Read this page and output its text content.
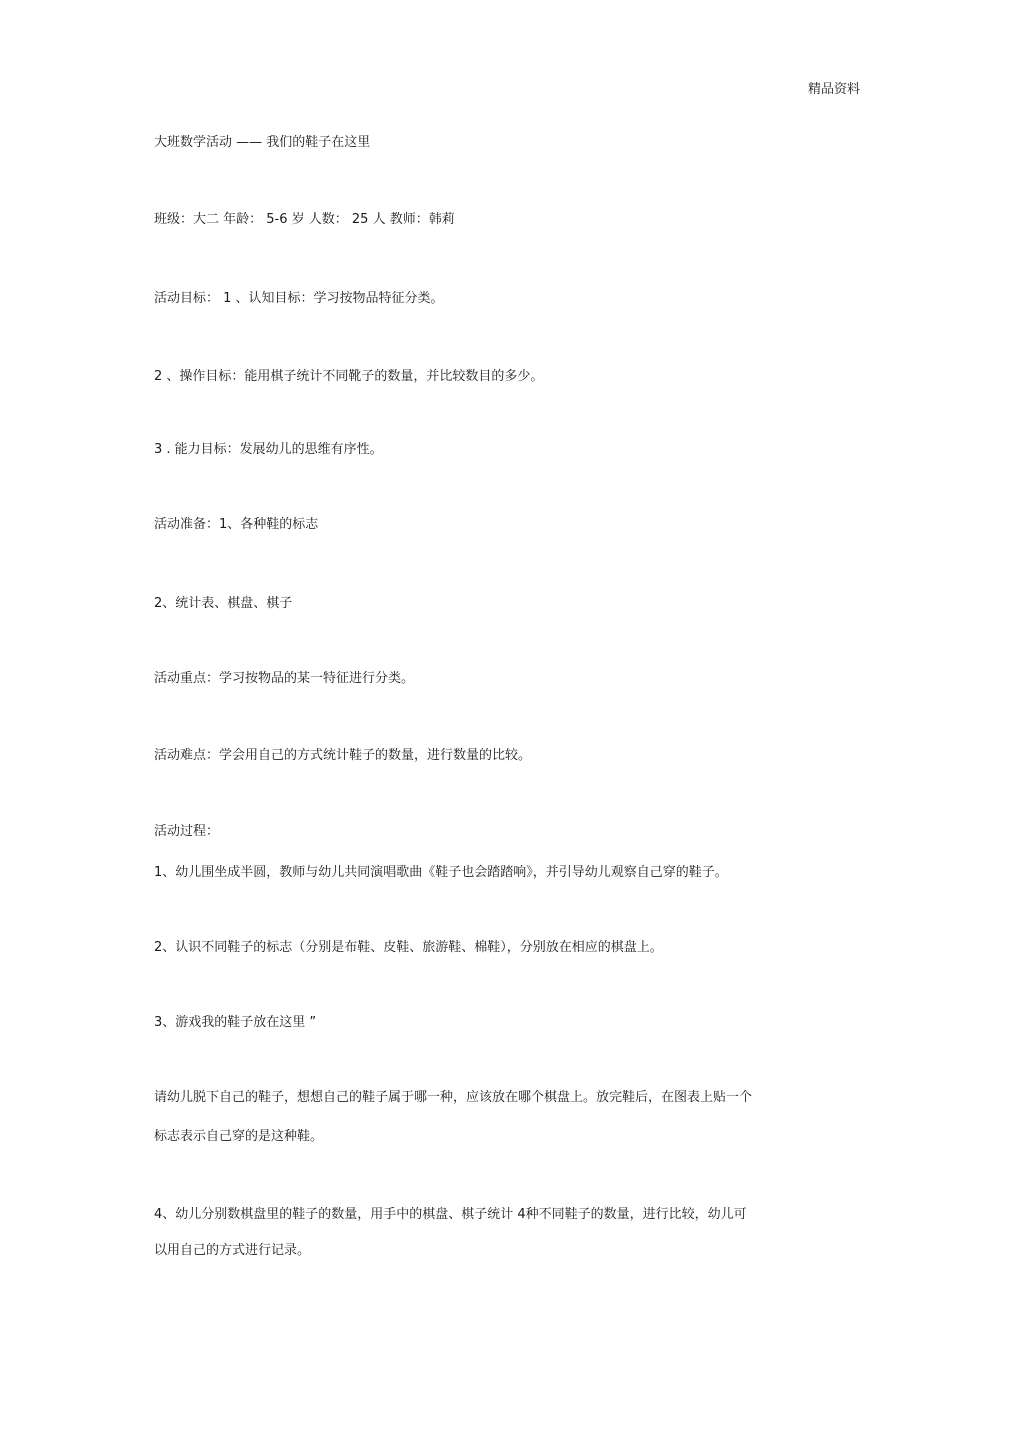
精品资料
大班数学活动 —— 我们的鞋子在这里
班级：大二 年龄： 5-6 岁 人数： 25 人 教师：韩莉
活动目标： 1 、认知目标：学习按物品特征分类。
2 、操作目标：能用棋子统计不同靴子的数量，并比较数目的多少。
3 . 能力目标：发展幼儿的思维有序性。
活动准备：1、各种鞋的标志
2、统计表、棋盘、棋子
活动重点：学习按物品的某一特征进行分类。
活动难点：学会用自己的方式统计鞋子的数量，进行数量的比较。
活动过程：
1、幼儿围坐成半圆，教师与幼儿共同演唱歌曲《鞋子也会踏踏响》，并引导幼儿观察自己穿的鞋子。
2、认识不同鞋子的标志（分别是布鞋、皮鞋、旅游鞋、棉鞋），分别放在相应的棋盘上。
3、游戏我的鞋子放在这里 ”
请幼儿脱下自己的鞋子，想想自己的鞋子属于哪一种，应该放在哪个棋盘上。放完鞋后，在图表上贴一个
标志表示自己穿的是这种鞋。
4、幼儿分别数棋盘里的鞋子的数量，用手中的棋盘、棋子统计 4种不同鞋子的数量，进行比较，幼儿可
以用自己的方式进行记录。
